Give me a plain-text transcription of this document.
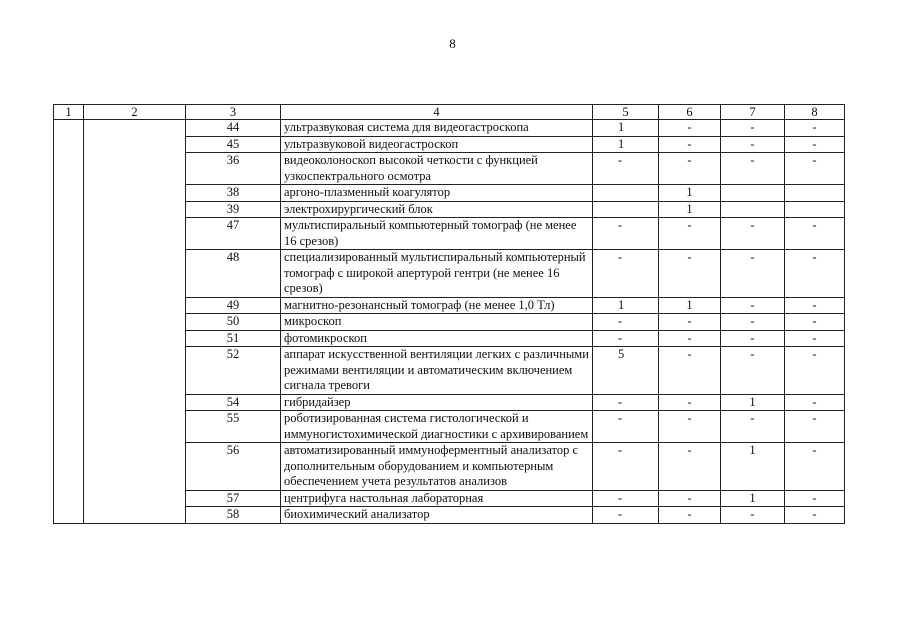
8
1	2	3	4	5	6	7	8
		44	ультразвуковая система для видеогастроскопа	1	-	-	-
		45	ультразвуковой видеогастроскоп	1	-	-	-
		36	видеоколоноскоп высокой четкости с функцией узкоспектрального осмотра	-	-	-	-
		38	аргоно-плазменный коагулятор		1		
		39	электрохирургический блок		1		
		47	мультиспиральный компьютерный томограф (не менее 16 срезов)	-	-	-	-
		48	специализированный мультиспиральный компьютерный томограф с широкой апертурой гентри (не менее 16 срезов)	-	-	-	-
		49	магнитно-резонансный томограф (не менее 1,0 Тл)	1	1	-	-
		50	микроскоп	-	-	-	-
		51	фотомикроскоп	-	-	-	-
		52	аппарат искусственной вентиляции легких с различными режимами вентиляции и автоматическим включением сигнала тревоги	5	-	-	-
		54	гибридайзер	-	-	1	-
		55	роботизированная система гистологической и иммуногистохимической диагностики с архивированием	-	-	-	-
		56	автоматизированный иммуноферментный анализатор с дополнительным оборудованием и компьютерным обеспечением учета результатов анализов	-	-	1	-
		57	центрифуга настольная лабораторная	-	-	1	-
		58	биохимический анализатор	-	-	-	-
